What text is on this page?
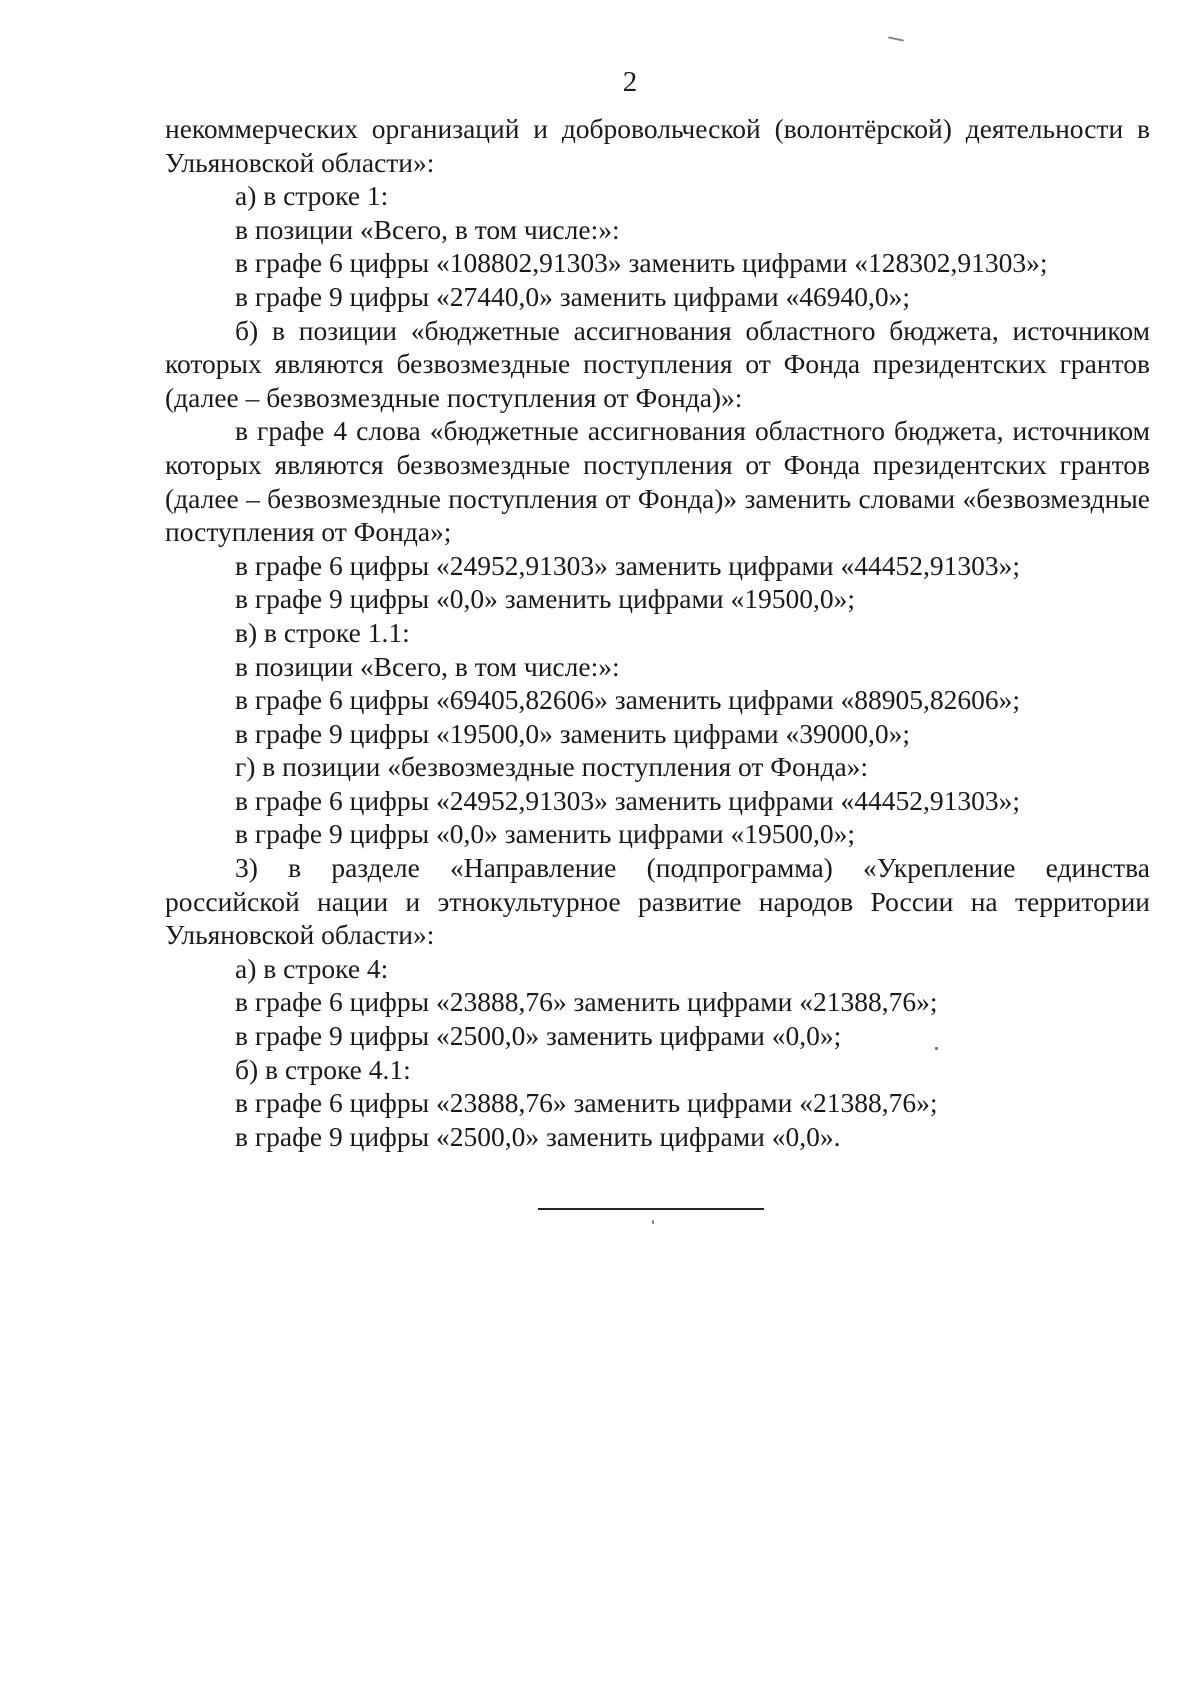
2

некоммерческих организаций и добровольческой (волонтёрской) деятельности в Ульяновской области»:

а) в строке 1:

в позиции «Всего, в том числе:»:

в графе 6 цифры «108802,91303» заменить цифрами «128302,91303»;

в графе 9 цифры «27440,0» заменить цифрами «46940,0»;

б) в позиции «бюджетные ассигнования областного бюджета, источником которых являются безвозмездные поступления от Фонда президентских грантов (далее – безвозмездные поступления от Фонда)»:

в графе 4 слова «бюджетные ассигнования областного бюджета, источником которых являются безвозмездные поступления от Фонда президентских грантов (далее – безвозмездные поступления от Фонда)» заменить словами «безвозмездные поступления от Фонда»;

в графе 6 цифры «24952,91303» заменить цифрами «44452,91303»;

в графе 9 цифры «0,0» заменить цифрами «19500,0»;

в) в строке 1.1:

в позиции «Всего, в том числе:»:

в графе 6 цифры «69405,82606» заменить цифрами «88905,82606»;

в графе 9 цифры «19500,0» заменить цифрами «39000,0»;

г) в позиции «безвозмездные поступления от Фонда»:

в графе 6 цифры «24952,91303» заменить цифрами «44452,91303»;

в графе 9 цифры «0,0» заменить цифрами «19500,0»;

3) в разделе «Направление (подпрограмма) «Укрепление единства российской нации и этнокультурное развитие народов России на территории Ульяновской области»:

а) в строке 4:

в графе 6 цифры «23888,76» заменить цифрами «21388,76»;

в графе 9 цифры «2500,0» заменить цифрами «0,0»;

б) в строке 4.1:

в графе 6 цифры «23888,76» заменить цифрами «21388,76»;

в графе 9 цифры «2500,0» заменить цифрами «0,0».
